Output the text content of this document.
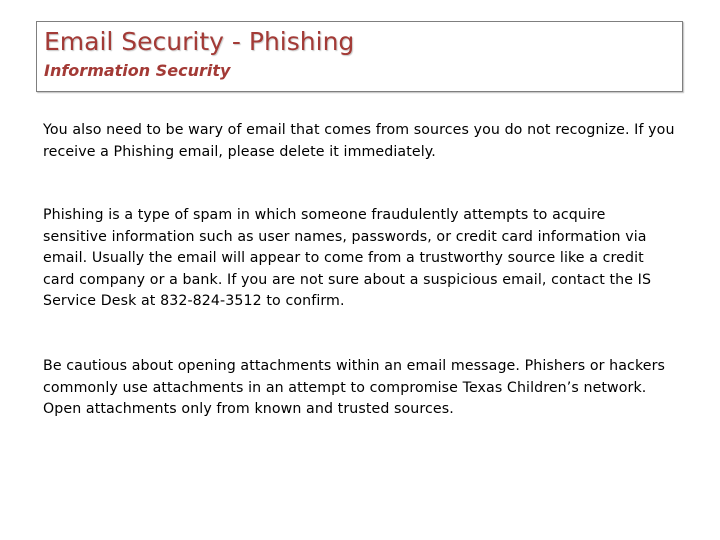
Email Security - Phishing
Information Security

You also need to be wary of email that comes from sources you do not recognize. If you receive a Phishing email, please delete it immediately.

Phishing is a type of spam in which someone fraudulently attempts to acquire sensitive information such as user names, passwords, or credit card information via email. Usually the email will appear to come from a trustworthy source like a credit card company or a bank. If you are not sure about a suspicious email, contact the IS Service Desk at 832-824-3512 to confirm.

Be cautious about opening attachments within an email message. Phishers or hackers commonly use attachments in an attempt to compromise Texas Children’s network. Open attachments only from known and trusted sources.
